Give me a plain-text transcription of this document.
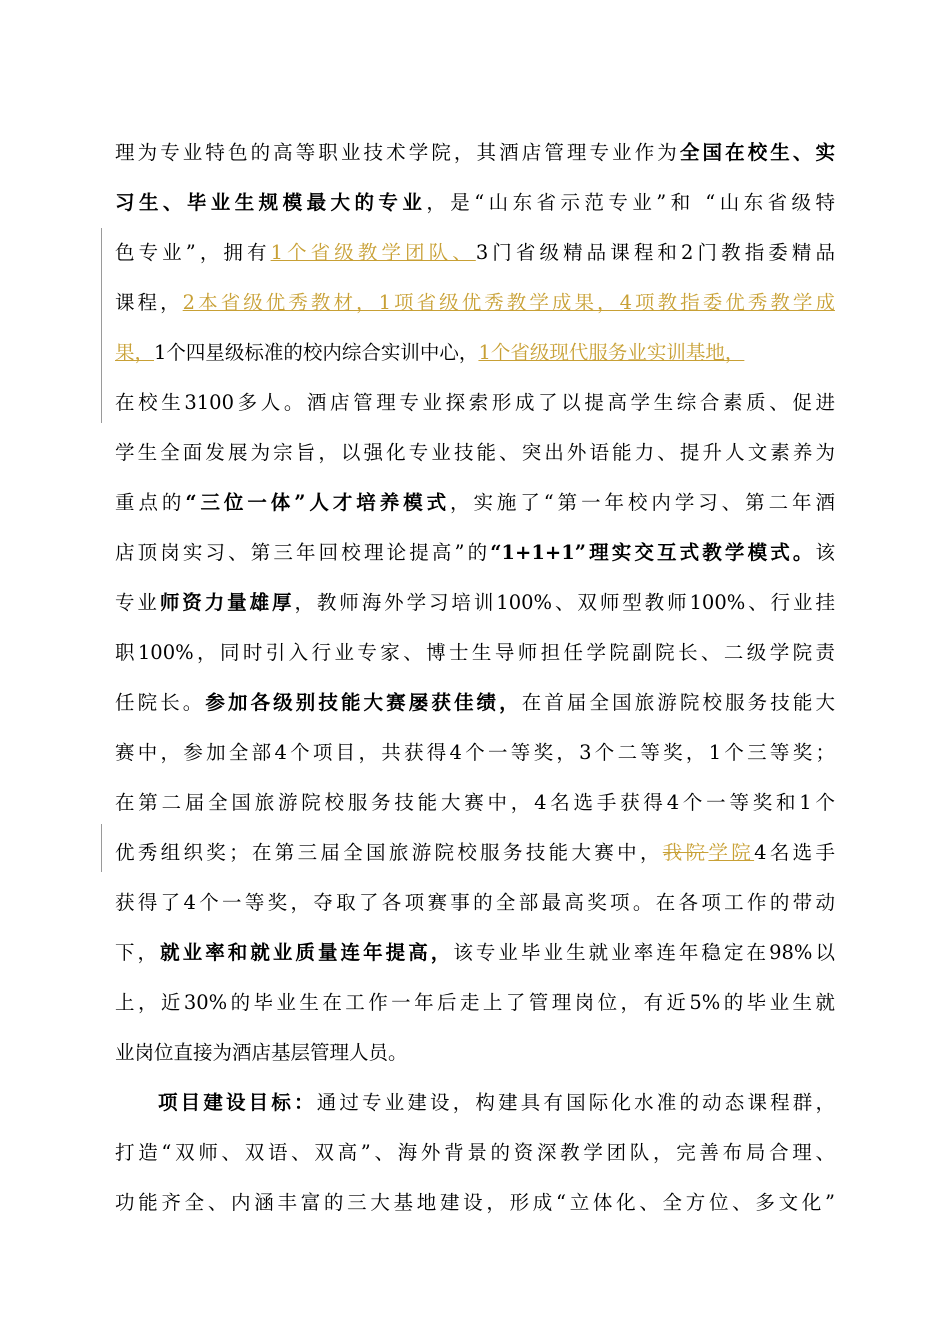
理为专业特色的高等职业技术学院，其酒店管理专业作为全国在校生、实
习生、毕业生规模最大的专业，是“山东省示范专业”和 “山东省级特
色专业”，拥有1个省级教学团队、3门省级精品课程和2门教指委精品
课程，2本省级优秀教材，1项省级优秀教学成果，4项教指委优秀教学成
果，1个四星级标准的校内综合实训中心，1个省级现代服务业实训基地，
在校生3100多人。酒店管理专业探索形成了以提高学生综合素质、促进
学生全面发展为宗旨，以强化专业技能、突出外语能力、提升人文素养为
重点的“三位一体”人才培养模式，实施了“第一年校内学习、第二年酒
店顶岗实习、第三年回校理论提高”的“1+1+1”理实交互式教学模式。该
专业师资力量雄厚，教师海外学习培训100%、双师型教师100%、行业挂
职100%，同时引入行业专家、博士生导师担任学院副院长、二级学院责
任院长。参加各级别技能大赛屡获佳绩，在首届全国旅游院校服务技能大
赛中，参加全部4个项目，共获得4个一等奖，3个二等奖，1个三等奖；
在第二届全国旅游院校服务技能大赛中，4名选手获得4个一等奖和1个
优秀组织奖；在第三届全国旅游院校服务技能大赛中，我院学院4名选手
获得了4个一等奖，夺取了各项赛事的全部最高奖项。在各项工作的带动
下，就业率和就业质量连年提高，该专业毕业生就业率连年稳定在98%以
上，近30%的毕业生在工作一年后走上了管理岗位，有近5%的毕业生就
业岗位直接为酒店基层管理人员。
项目建设目标：通过专业建设，构建具有国际化水准的动态课程群，
打造“双师、双语、双高”、海外背景的资深教学团队，完善布局合理、
功能齐全、内涵丰富的三大基地建设，形成“立体化、全方位、多文化”
